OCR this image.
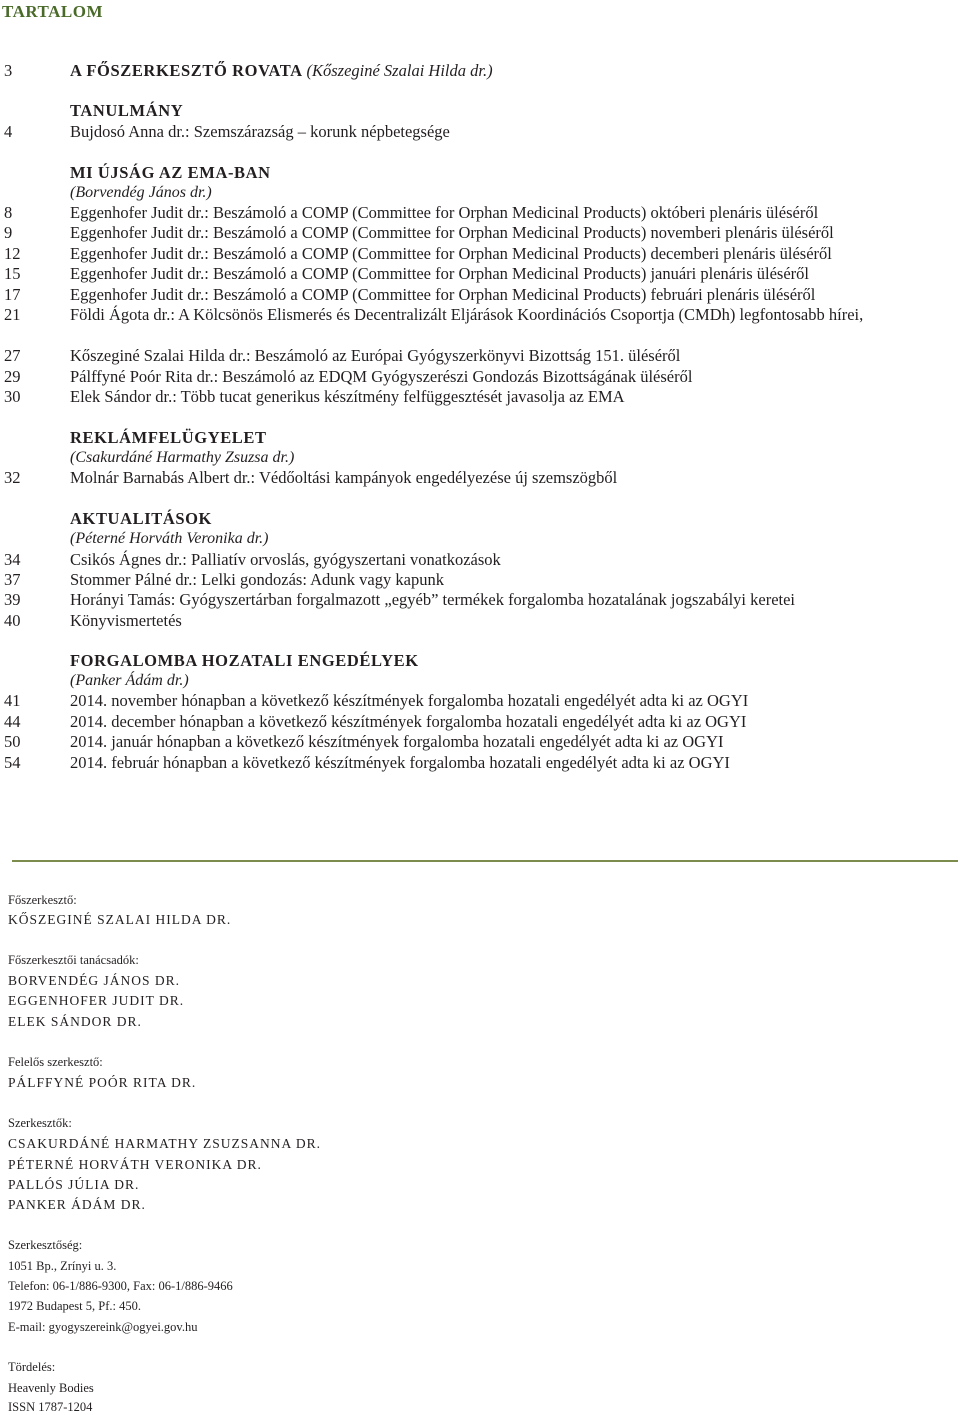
TARTALOM
3	A FŐSZERKESZTŐ ROVATA (Kőszeginé Szalai Hilda dr.)
TANULMÁNY
4	Bujdosó Anna dr.: Szemszárazság – korunk népbetegsége
MI ÚJSÁG AZ EMA-BAN
(Borvendég János dr.)
8	Eggenhofer Judit dr.: Beszámoló a COMP (Committee for Orphan Medicinal Products) októberi plenáris üléséről
9	Eggenhofer Judit dr.: Beszámoló a COMP (Committee for Orphan Medicinal Products) novemberi plenáris üléséről
12	Eggenhofer Judit dr.: Beszámoló a COMP (Committee for Orphan Medicinal Products) decemberi plenáris üléséről
15	Eggenhofer Judit dr.: Beszámoló a COMP (Committee for Orphan Medicinal Products) januári plenáris üléséről
17	Eggenhofer Judit dr.: Beszámoló a COMP (Committee for Orphan Medicinal Products) februári plenáris üléséről
21	Földi Ágota dr.: A Kölcsönös Elismerés és Decentralizált Eljárások Koordinációs Csoportja (CMDh) legfontosabb hírei,
27	Kőszeginé Szalai Hilda dr.: Beszámoló az Európai Gyógyszerkönyvi Bizottság 151. üléséről
29	Pálffyné Poór Rita dr.: Beszámoló az EDQM Gyógyszerészi Gondozás Bizottságának üléséről
30	Elek Sándor dr.: Több tucat generikus készítmény felfüggesztését javasolja az EMA
REKLÁMFELÜGYELET
(Csakurdáné Harmathy Zsuzsa dr.)
32	Molnár Barnabás Albert dr.: Védőoltási kampányok engedélyezése új szemszögből
AKTUALITÁSOK
(Péterné Horváth Veronika dr.)
34	Csikós Ágnes dr.: Palliatív orvoslás, gyógyszertani vonatkozások
37	Stommer Pálné dr.: Lelki gondozás: Adunk vagy kapunk
39	Horányi Tamás: Gyógyszertárban forgalmazott „egyéb” termékek forgalomba hozatalának jogszabályi keretei
40	Könyvismertetés
FORGALOMBA HOZATALI ENGEDÉLYEK
(Panker Ádám dr.)
41	2014. november hónapban a következő készítmények forgalomba hozatali engedélyét adta ki az OGYI
44	2014. december hónapban a következő készítmények forgalomba hozatali engedélyét adta ki az OGYI
50	2014. január hónapban a következő készítmények forgalomba hozatali engedélyét adta ki az OGYI
54	2014. február hónapban a következő készítmények forgalomba hozatali engedélyét adta ki az OGYI
Főszerkesztő:
KŐSZEGINÉ SZALAI HILDA DR.
Főszerkesztői tanácsadók:
BORVENDÉG JÁNOS DR.
EGGENHOFER JUDIT DR.
ELEK SÁNDOR DR.
Felelős szerkesztő:
PÁLFFYNÉ POÓR RITA DR.
Szerkesztők:
CSAKURDÁNÉ HARMATHY ZSUZSANNA DR.
PÉTERNÉ HORVÁTH VERONIKA DR.
PALLÓS JÚLIA DR.
PANKER ÁDÁM DR.
Szerkesztőség:
1051 Bp., Zrínyi u. 3.
Telefon: 06-1/886-9300, Fax: 06-1/886-9466
1972 Budapest 5, Pf.: 450.
E-mail: gyogyszereink@ogyei.gov.hu
Tördelés:
Heavenly Bodies
ISSN 1787-1204
